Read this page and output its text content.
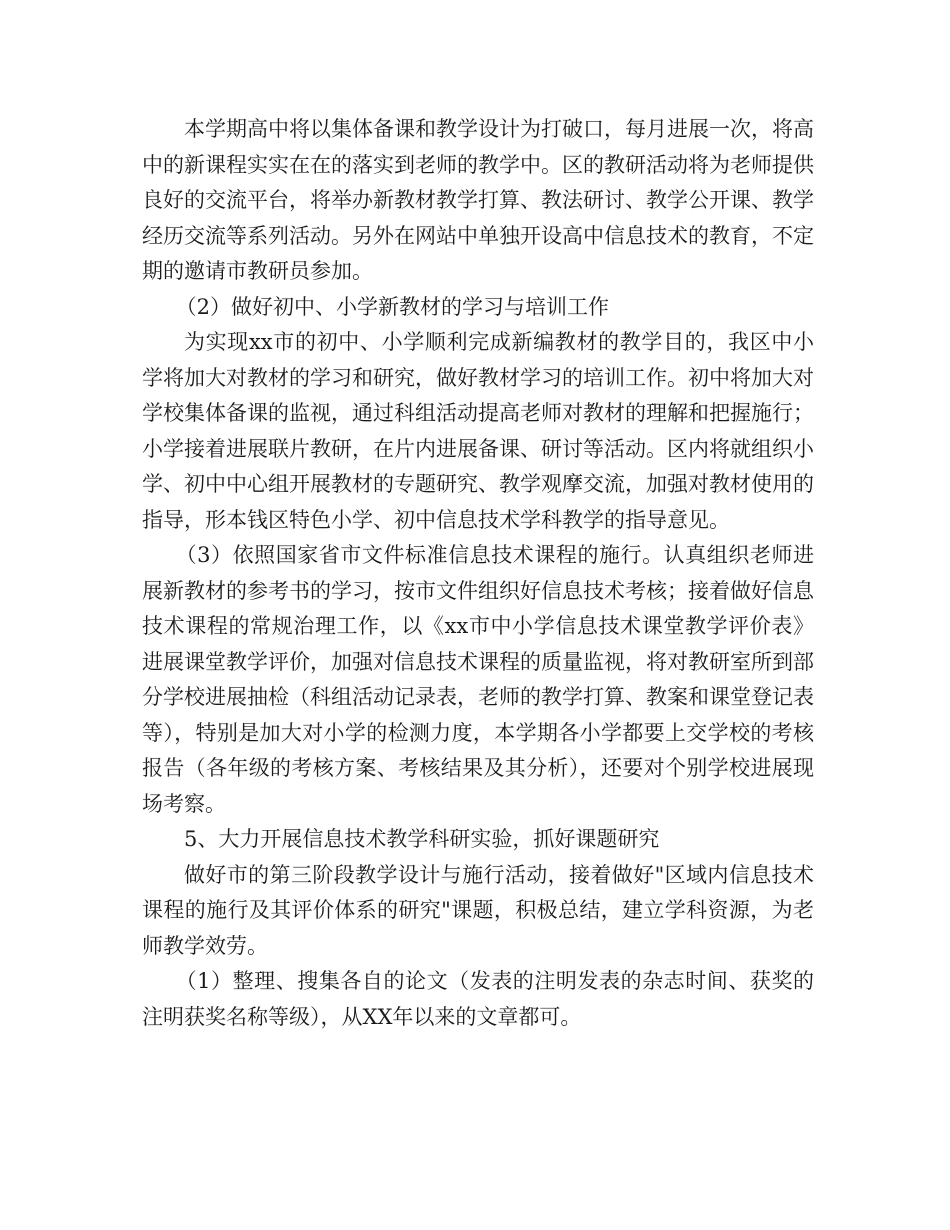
本学期高中将以集体备课和教学设计为打破口，每月进展一次，将高中的新课程实实在在的落实到老师的教学中。区的教研活动将为老师提供良好的交流平台，将举办新教材教学打算、教法研讨、教学公开课、教学经历交流等系列活动。另外在网站中单独开设高中信息技术的教育，不定期的邀请市教研员参加。

（2）做好初中、小学新教材的学习与培训工作

为实现xx市的初中、小学顺利完成新编教材的教学目的，我区中小学将加大对教材的学习和研究，做好教材学习的培训工作。初中将加大对学校集体备课的监视，通过科组活动提高老师对教材的理解和把握施行；小学接着进展联片教研，在片内进展备课、研讨等活动。区内将就组织小学、初中中心组开展教材的专题研究、教学观摩交流，加强对教材使用的指导，形本钱区特色小学、初中信息技术学科教学的指导意见。

（3）依照国家省市文件标准信息技术课程的施行。认真组织老师进展新教材的参考书的学习，按市文件组织好信息技术考核；接着做好信息技术课程的常规治理工作，以《xx市中小学信息技术课堂教学评价表》进展课堂教学评价，加强对信息技术课程的质量监视，将对教研室所到部分学校进展抽检（科组活动记录表，老师的教学打算、教案和课堂登记表等），特别是加大对小学的检测力度，本学期各小学都要上交学校的考核报告（各年级的考核方案、考核结果及其分析），还要对个别学校进展现场考察。

5、大力开展信息技术教学科研实验，抓好课题研究

做好市的第三阶段教学设计与施行活动，接着做好"区域内信息技术课程的施行及其评价体系的研究"课题，积极总结，建立学科资源，为老师教学效劳。

（1）整理、搜集各自的论文（发表的注明发表的杂志时间、获奖的注明获奖名称等级），从XX年以来的文章都可。
